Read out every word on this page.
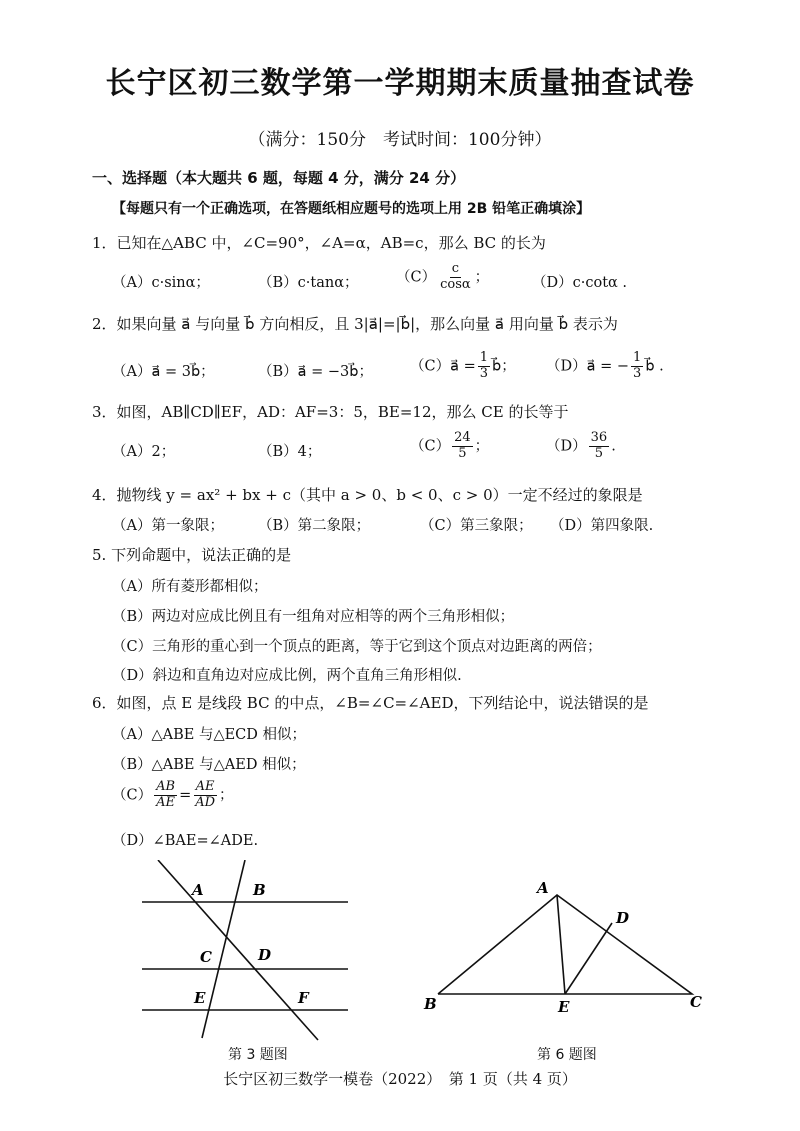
长宁区初三数学第一学期期末质量抽查试卷
（满分：150分　考试时间：100分钟）
一、选择题（本大题共 6 题，每题 4 分，满分 24 分）
【每题只有一个正确选项，在答题纸相应题号的选项上用 2B 铅笔正确填涂】
1．已知在△ABC 中，∠C=90°，∠A=α，AB=c，那么 BC 的长为
（A）c·sinα；	（B）c·tanα；	$(C) \frac{c}{\cos\alpha}$ ；	（D）c·cotα .
2．如果向量 a⃗ 与向量 b⃗ 方向相反，且 3|a⃗|=|b⃗|，那么向量 a⃗ 用向量 b⃗ 表示为
（A）a⃗ = 3b⃗；	（B）a⃗ = −3b⃗；	（C）a⃗ = $\frac{1}{3}$ b⃗； （D）a⃗ = − $\frac{1}{3}$ b⃗ .
3．如图，AB∥CD∥EF，AD：AF=3：5，BE=12，那么 CE 的长等于
（A）2；	（B）4；	$(C) \frac{24}{5}$ ；	$(D) \frac{36}{5}$ .
4．抛物线 y = ax² + bx + c（其中 a > 0、b < 0、c > 0）一定不经过的象限是
（A）第一象限； （B）第二象限；	（C）第三象限； （D）第四象限.
5. 下列命题中，说法正确的是
（A）所有菱形都相似；
（B）两边对应成比例且有一组角对应相等的两个三角形相似；
（C）三角形的重心到一个顶点的距离，等于它到这个顶点对边距离的两倍；
（D）斜边和直角边对应成比例，两个直角三角形相似.
6．如图，点 E 是线段 BC 的中点，∠B=∠C=∠AED，下列结论中，说法错误的是
（A）△ABE 与△ECD 相似；
（B）△ABE 与△AED 相似；
$(C) \frac{AB}{AE} = \frac{AE}{AD}$ ；
（D）∠BAE=∠ADE.
A	B
C	D
E	F
第 3 题图
A
B	C
D
E
第 6 题图
长宁区初三数学一模卷（2022）　第 1 页（共 4 页）
